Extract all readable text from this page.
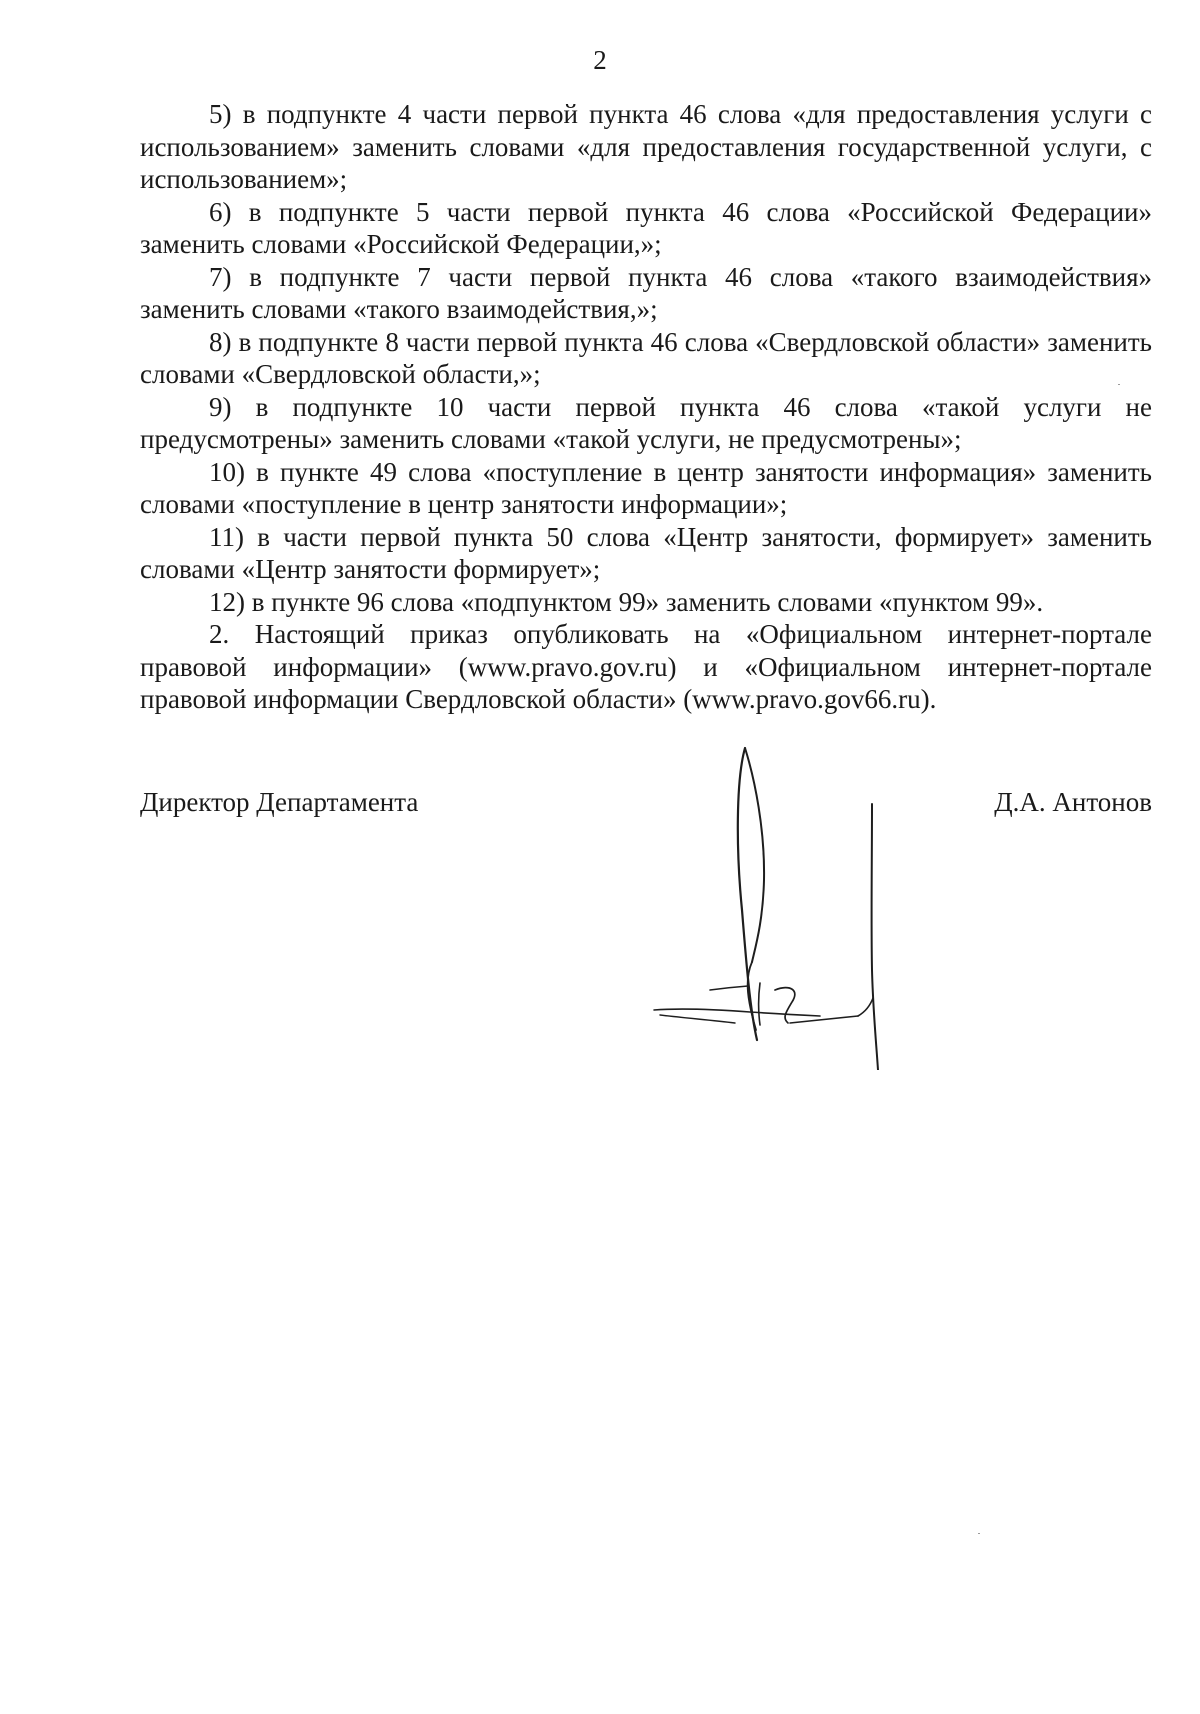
2

5) в подпункте 4 части первой пункта 46 слова «для предоставления услуги с использованием» заменить словами «для предоставления государственной услуги, с использованием»;

6) в подпункте 5 части первой пункта 46 слова «Российской Федерации» заменить словами «Российской Федерации,»;

7) в подпункте 7 части первой пункта 46 слова «такого взаимодействия» заменить словами «такого взаимодействия,»;

8) в подпункте 8 части первой пункта 46 слова «Свердловской области» заменить словами «Свердловской области,»;

9) в подпункте 10 части первой пункта 46 слова «такой услуги не предусмотрены» заменить словами «такой услуги, не предусмотрены»;

10) в пункте 49 слова «поступление в центр занятости информация» заменить словами «поступление в центр занятости информации»;

11) в части первой пункта 50 слова «Центр занятости, формирует» заменить словами «Центр занятости формирует»;

12) в пункте 96 слова «подпунктом 99» заменить словами «пунктом 99».

2. Настоящий приказ опубликовать на «Официальном интернет-портале правовой информации» (www.pravo.gov.ru) и «Официальном интернет-портале правовой информации Свердловской области» (www.pravo.gov66.ru).

Директор Департамента	Д.А. Антонов
